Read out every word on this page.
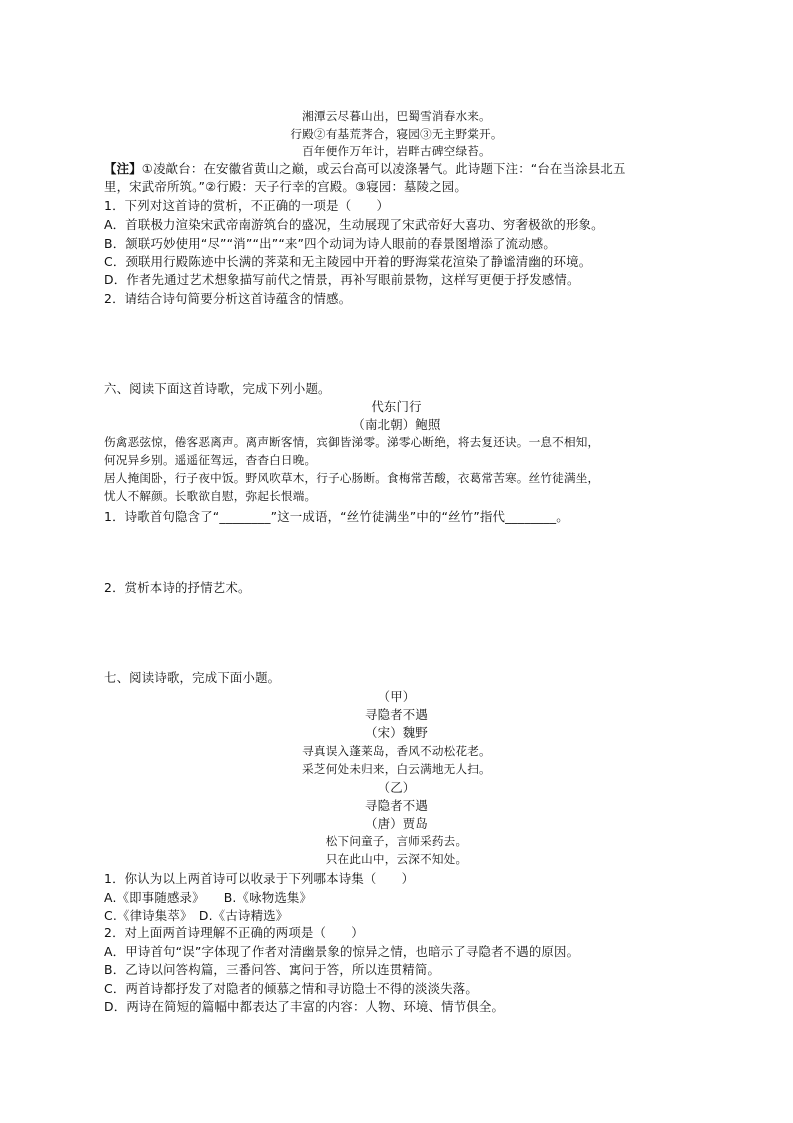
湘潭云尽暮山出，巴蜀雪消春水来。
行殿②有基荒荠合，寝园③无主野棠开。
百年便作万年计，岩畔古碑空绿苔。
【注】①凌歊台：在安徽省黄山之巅，或云台高可以凌涤暑气。此诗题下注：“台在当涂县北五
里，宋武帝所筑。”②行殿：天子行幸的宫殿。③寝园：墓陵之园。
1．下列对这首诗的赏析，不正确的一项是（　　）
A．首联极力渲染宋武帝南游筑台的盛况，生动展现了宋武帝好大喜功、穷奢极欲的形象。
B．颔联巧妙使用“尽”“消”“出”“来”四个动词为诗人眼前的春景图增添了流动感。
C．颈联用行殿陈迹中长满的荠菜和无主陵园中开着的野海棠花渲染了静谧清幽的环境。
D．作者先通过艺术想象描写前代之情景，再补写眼前景物，这样写更便于抒发感情。
2．请结合诗句简要分析这首诗蕴含的情感。
六、阅读下面这首诗歌，完成下列小题。
代东门行
（南北朝）鲍照
伤禽恶弦惊，倦客恶离声。离声断客情，宾御皆涕零。涕零心断绝，将去复还诀。一息不相知，
何况异乡别。遥遥征驾远，杳杳白日晚。
居人掩闺卧，行子夜中饭。野风吹草木，行子心肠断。食梅常苦酸，衣葛常苦寒。丝竹徒满坐，
忧人不解颜。长歌欲自慰，弥起长恨端。
1．诗歌首句隐含了“________”这一成语，“丝竹徒满坐”中的“丝竹”指代________。
2．赏析本诗的抒情艺术。
七、阅读诗歌，完成下面小题。
（甲）
寻隐者不遇
（宋）魏野
寻真误入蓬莱岛，香风不动松花老。
采芝何处未归来，白云满地无人扫。
（乙）
寻隐者不遇
（唐）贾岛
松下问童子，言师采药去。
只在此山中，云深不知处。
1．你认为以上两首诗可以收录于下列哪本诗集（　　）
A.《即事随感录》　　B.《咏物选集》
C.《律诗集萃》　D.《古诗精选》
2．对上面两首诗理解不正确的两项是（　　）
A．甲诗首句“误”字体现了作者对清幽景象的惊异之情，也暗示了寻隐者不遇的原因。
B．乙诗以问答构篇，三番问答、寓问于答，所以连贯精简。
C．两首诗都抒发了对隐者的倾慕之情和寻访隐士不得的淡淡失落。
D．两诗在简短的篇幅中都表达了丰富的内容：人物、环境、情节俱全。
